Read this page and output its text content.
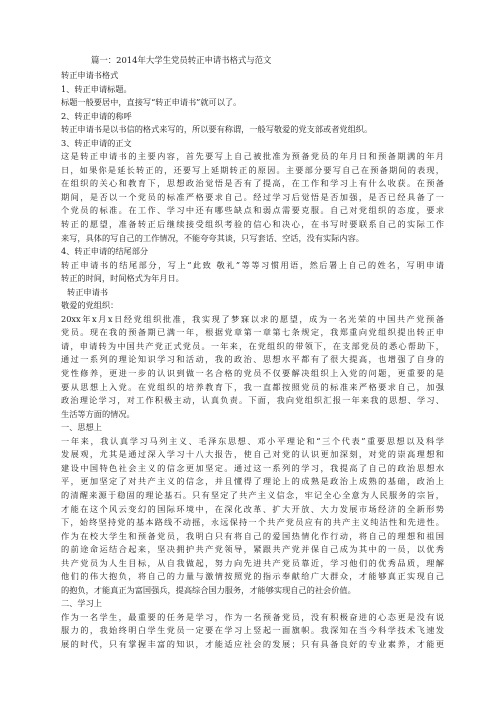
篇一：2014年大学生党员转正申请书格式与范文
转正申请书格式
1、转正申请标题。
标题一般要居中，直接写“转正申请书”就可以了。
2、转正申请的称呼
转正申请书是以书信的格式来写的，所以要有称谓，一般写敬爱的党支部或者党组织。
3、转正申请的正文
这是转正申请书的主要内容，首先要写上自己被批准为预备党员的年月日和预备期满的年月
日，如果你是延长转正的，还要写上延期转正的原因。主要部分要写自己在预备期间的表现，
在组织的关心和教育下，思想政治觉悟是否有了提高，在工作和学习上有什么收获。在预备
期间，是否以一个党员的标准严格要求自己。经过学习后觉悟是否加强，是否已经具备了一
个党员的标准。在工作、学习中还有哪些缺点和弱点需要克服。自己对党组织的态度，要求
转正的愿望，准备转正后继续接受组织考验的信心和决心，在书写时要联系自己的实际工作
来写，具体的写自己的工作情况，不能夸夸其谈，只写套话、空话，没有实际内容。
4、转正申请的结尾部分
转正申请书的结尾部分，写上“此致 敬礼”等等习惯用语，然后署上自己的姓名，写明申请
转正的时间，时间格式为年月日。
转正申请书
敬爱的党组织：
20xx年x月x日经党组织批准，我实现了梦寐以求的愿望，成为一名光荣的中国共产党预备
党员。现在我的预备期已满一年，根据党章第一章第七条规定，我郑重向党组织提出转正申
请，申请转为中国共产党正式党员。一年来，在党组织的带领下，在支部党员的悉心帮助下，
通过一系列的理论知识学习和活动，我的政治、思想水平都有了很大提高，也增强了自身的
党性修养，更进一步的认识到做一名合格的党员不仅要解决组织上入党的问题，更重要的是
要从思想上入党。在党组织的培养教育下，我一直都按照党员的标准来严格要求自己，加强
政治理论学习，对工作积极主动，认真负责。下面，我向党组织汇报一年来我的思想、学习、
生活等方面的情况。
一、思想上
一年来，我认真学习马列主义、毛泽东思想、邓小平理论和“三个代表”重要思想以及科学
发展观，尤其是通过深入学习十八大报告，使自己对党的认识更加深刻，对党的崇高理想和
建设中国特色社会主义的信念更加坚定。通过这一系列的学习，我提高了自己的政治思想水
平，更加坚定了对共产主义的信念，并且懂得了理论上的成熟是政治上成熟的基础，政治上
的清醒来源于稳固的理论基石。只有坚定了共产主义信念，牢记全心全意为人民服务的宗旨，
才能在这个风云变幻的国际环境中，在深化改革、扩大开放、大力发展市场经济的全新形势
下，始终坚持党的基本路线不动摇，永远保持一个共产党员应有的共产主义纯洁性和先进性。
作为在校大学生和预备党员，我明白只有将自己的爱国热情化作行动，将自己的理想和祖国
的前途命运结合起来，坚决拥护共产党领导，紧跟共产党并保自己成为其中的一员，以优秀
共产党员为人生目标，从自我做起，努力向先进共产党员靠近，学习他们的优秀品质，理解
他们的伟大抱负，将自己的力量与激情按照党的指示奉献给广大群众，才能够真正实现自己
的抱负，才能真正为富国强兵，提高综合国力服务，才能够实现自己的社会价值。
二、学习上
作为一名学生，最重要的任务是学习，作为一名预备党员，没有积极奋进的心态更是没有说
服力的，我始终明白学生党员一定要在学习上竖起一面旗帜。我深知在当今科学技术飞速发
展的时代，只有掌握丰富的知识，才能适应社会的发展；只有具备良好的专业素养，才能更
